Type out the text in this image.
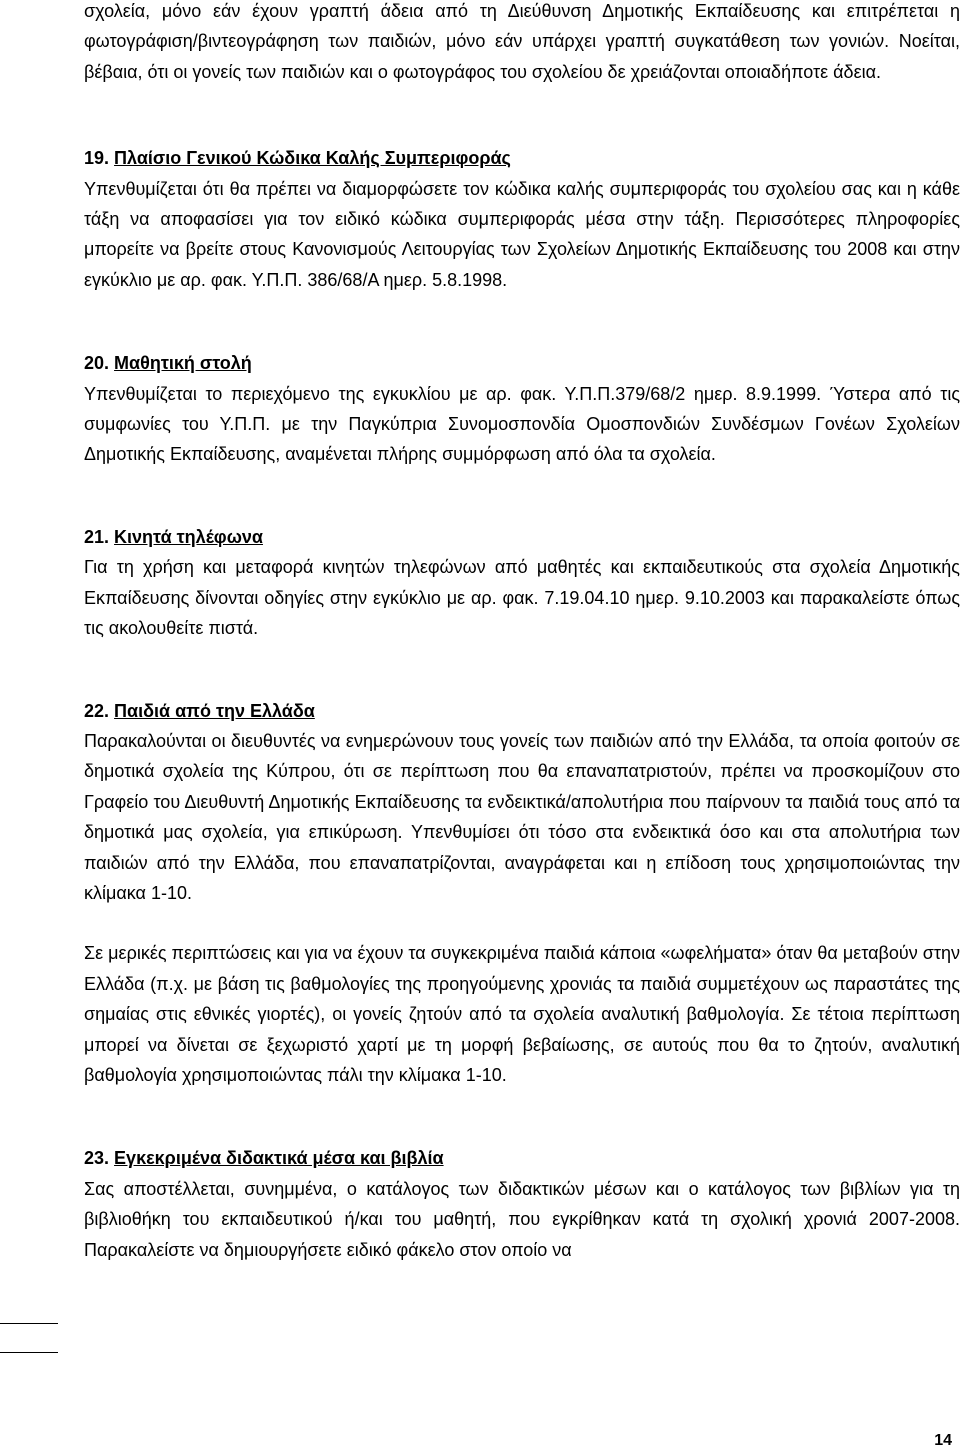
σχολεία, μόνο εάν έχουν γραπτή άδεια από τη Διεύθυνση Δημοτικής Εκπαίδευσης και επιτρέπεται η φωτογράφιση/βιντεογράφηση των παιδιών, μόνο εάν υπάρχει γραπτή συγκατάθεση των γονιών. Νοείται, βέβαια, ότι οι γονείς των παιδιών και ο φωτογράφος του σχολείου δε χρειάζονται οποιαδήποτε άδεια.

19. Πλαίσιο Γενικού Κώδικα Καλής Συμπεριφοράς

Υπενθυμίζεται ότι θα πρέπει να διαμορφώσετε τον κώδικα καλής συμπεριφοράς του σχολείου σας και η κάθε τάξη να αποφασίσει για τον ειδικό κώδικα συμπεριφοράς μέσα στην τάξη. Περισσότερες πληροφορίες μπορείτε να βρείτε στους Κανονισμούς Λειτουργίας των Σχολείων Δημοτικής Εκπαίδευσης του 2008 και στην εγκύκλιο με αρ. φακ. Υ.Π.Π. 386/68/Α ημερ. 5.8.1998.

20. Μαθητική στολή

Υπενθυμίζεται το περιεχόμενο της εγκυκλίου με αρ. φακ. Υ.Π.Π.379/68/2 ημερ. 8.9.1999. Ύστερα από τις συμφωνίες του Υ.Π.Π. με την Παγκύπρια Συνομοσπονδία Ομοσπονδιών Συνδέσμων Γονέων Σχολείων Δημοτικής Εκπαίδευσης, αναμένεται πλήρης συμμόρφωση από όλα τα σχολεία.

21. Κινητά τηλέφωνα

Για τη χρήση και μεταφορά κινητών τηλεφώνων από μαθητές και εκπαιδευτικούς στα σχολεία Δημοτικής Εκπαίδευσης δίνονται οδηγίες στην εγκύκλιο με αρ. φακ. 7.19.04.10 ημερ. 9.10.2003 και παρακαλείστε όπως τις ακολουθείτε πιστά.

22. Παιδιά από την Ελλάδα

Παρακαλούνται οι διευθυντές να ενημερώνουν τους γονείς των παιδιών από την Ελλάδα, τα οποία φοιτούν σε δημοτικά σχολεία της Κύπρου, ότι σε περίπτωση που θα επαναπατριστούν, πρέπει να προσκομίζουν στο Γραφείο του Διευθυντή Δημοτικής Εκπαίδευσης τα ενδεικτικά/απολυτήρια που παίρνουν τα παιδιά τους από τα δημοτικά μας σχολεία, για επικύρωση. Υπενθυμίσει ότι τόσο στα ενδεικτικά όσο και στα απολυτήρια των παιδιών από την Ελλάδα, που επαναπατρίζονται, αναγράφεται και η επίδοση τους χρησιμοποιώντας την κλίμακα 1-10.

Σε μερικές περιπτώσεις και για να έχουν τα συγκεκριμένα παιδιά κάποια «ωφελήματα» όταν θα μεταβούν στην Ελλάδα (π.χ. με βάση τις βαθμολογίες της προηγούμενης χρονιάς τα παιδιά συμμετέχουν ως παραστάτες της σημαίας στις εθνικές γιορτές), οι γονείς ζητούν από τα σχολεία αναλυτική βαθμολογία. Σε τέτοια περίπτωση μπορεί να δίνεται σε ξεχωριστό χαρτί με τη μορφή βεβαίωσης, σε αυτούς που θα το ζητούν, αναλυτική βαθμολογία χρησιμοποιώντας πάλι την κλίμακα 1-10.

23. Εγκεκριμένα διδακτικά μέσα και βιβλία

Σας αποστέλλεται, συνημμένα, ο κατάλογος των διδακτικών μέσων και ο κατάλογος των βιβλίων για τη βιβλιοθήκη του εκπαιδευτικού ή/και του μαθητή, που εγκρίθηκαν κατά τη σχολική χρονιά 2007-2008. Παρακαλείστε να δημιουργήσετε ειδικό φάκελο στον οποίο να

14
